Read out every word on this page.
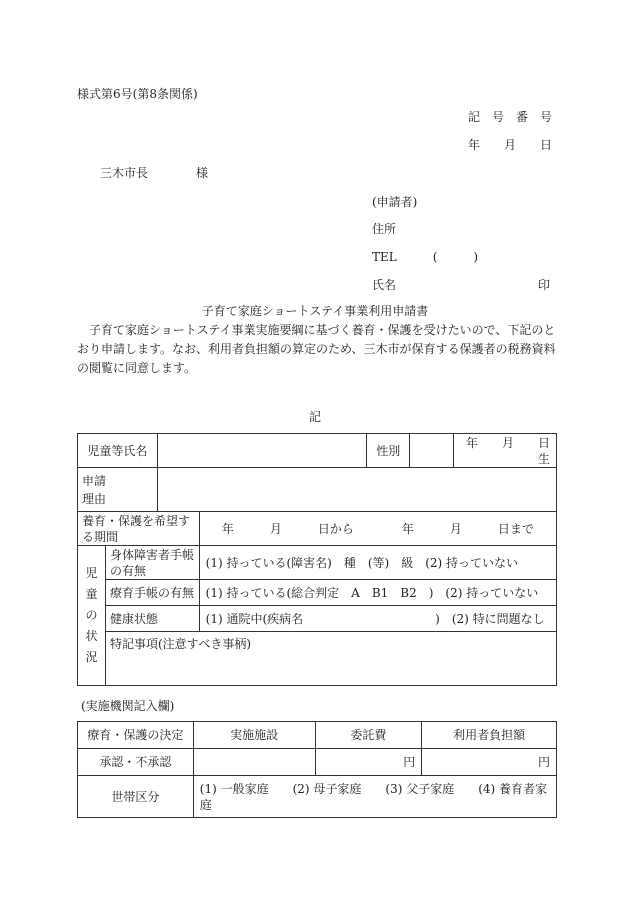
様式第6号(第8条関係)
記　号　番　号
年　　月　　日
三木市長　　　　様
(申請者)
住所
TEL　　　(　　　)
氏名	印
子育て家庭ショートステイ事業利用申請書
　子育て家庭ショートステイ事業実施要綱に基づく養育・保護を受けたいので、下記のとおり申請します。なお、利用者負担額の算定のため、三木市が保育する保護者の税務資料の閲覧に同意します。
記
児童等氏名				性別		年　　月　　日生
申請
理由						
養育・保護を希望する期間			年　　　月　　　日から　　　　年　　　月　　　日まで			
児
童
の
状
況	身体障害者手帳の有無		(1) 持っている(障害名)　種　(等)　級　(2) 持っていない			
	療育手帳の有無		(1) 持っている(総合判定　A　B1　B2　)　(2) 持っていない			
	健康状態		(1) 通院中(疾病名　　　　　　　　　　　)　(2) 特に問題なし			
	特記事項(注意すべき事柄)					
(実施機関記入欄)
療育・保護の決定	実施施設	委託費	利用者負担額
承認・不承認		円	円
世帯区分	(1) 一般家庭　　(2) 母子家庭　　(3) 父子家庭　　(4) 養育者家庭		
